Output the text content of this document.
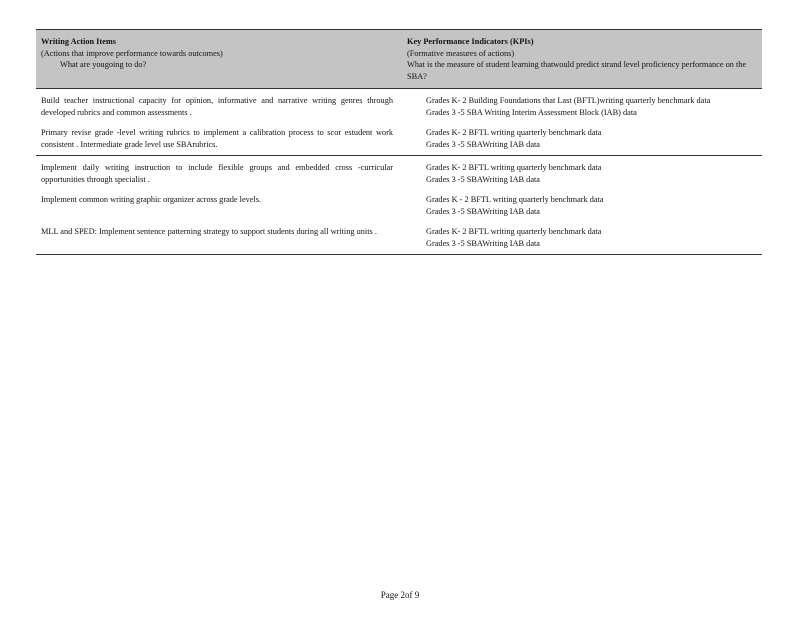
Writing Action Items
(Actions that improve performance towards outcomes)
What are yougoing to do?
Key Performance Indicators (KPIs)
(Formative measures of actions)
What is the measure of student learning thatwould predict strand level proficiency performance on the SBA?
Build teacher instructional capacity for opinion, informative and narrative writing genres through developed rubrics and common assessments .
Grades K- 2 Building Foundations that Last (BFTL)writing quarterly benchmark data
Grades 3 -5 SBA Writing Interim Assessment Block (IAB) data
Primary revise grade -level writing rubrics to implement a calibration process to scor estudent work consistent . Intermediate grade level use SBArubrics.
Grades K- 2 BFTL writing quarterly benchmark data
Grades 3 -5 SBAWriting IAB data
Implement daily writing instruction to include flexible groups and embedded cross -curricular opportunities through specialist .
Grades K- 2 BFTL writing quarterly benchmark data
Grades 3 -5 SBAWriting IAB data
Implement common writing graphic organizer across grade levels.	Grades K - 2 BFTL writing quarterly benchmark data
Grades 3 -5 SBAWriting IAB data
MLL and SPED: Implement sentence patterning strategy to support students during all writing units .	Grades K- 2 BFTL writing quarterly benchmark data
Grades 3 -5 SBAWriting IAB data
Page 2of 9
